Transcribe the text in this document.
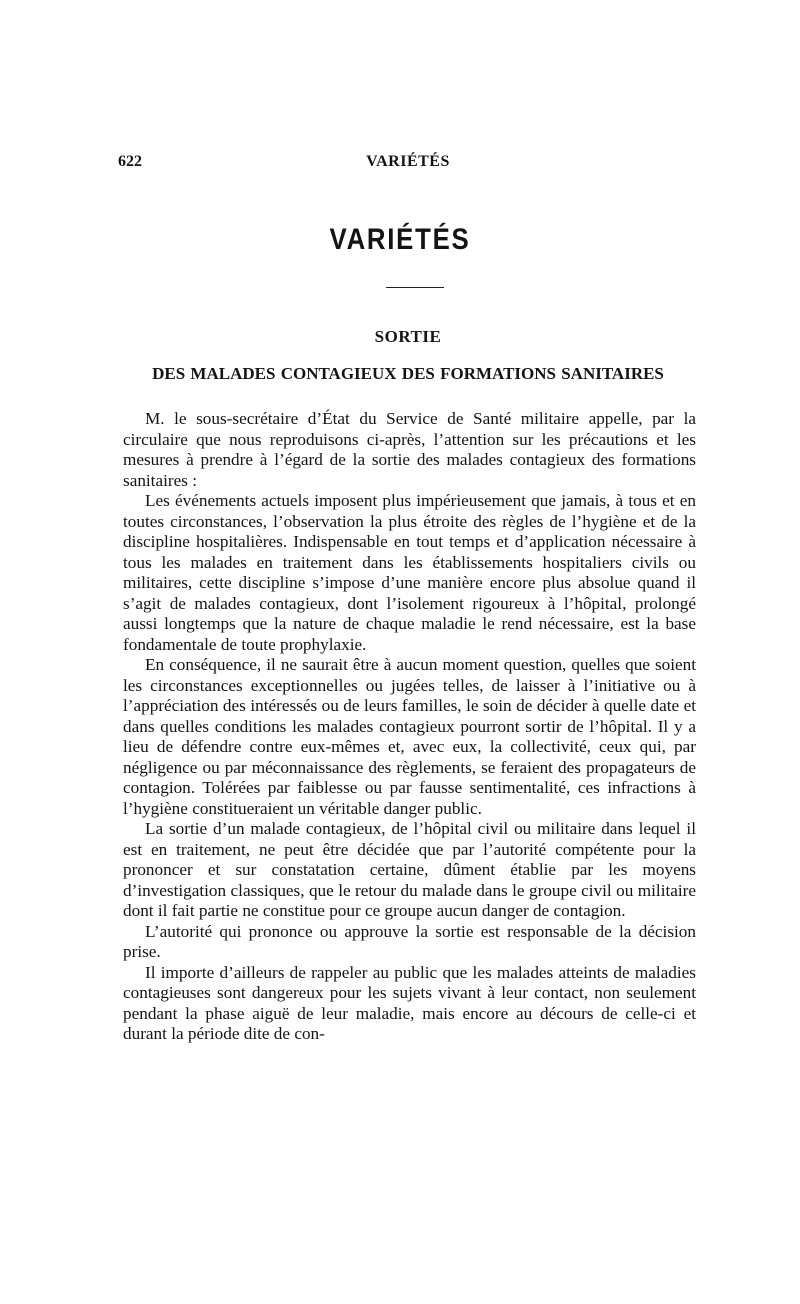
622	VARIÉTÉS
VARIÉTÉS
SORTIE
DES MALADES CONTAGIEUX DES FORMATIONS SANITAIRES

M. le sous-secrétaire d’État du Service de Santé militaire appelle, par la circulaire que nous reproduisons ci-après, l’attention sur les précautions et les mesures à prendre à l’égard de la sortie des malades contagieux des formations sanitaires :

Les événements actuels imposent plus impérieusement que jamais, à tous et en toutes circonstances, l’observation la plus étroite des règles de l’hygiène et de la discipline hospitalières. Indispensable en tout temps et d’application nécessaire à tous les malades en traitement dans les établissements hospitaliers civils ou militaires, cette discipline s’impose d’une manière encore plus absolue quand il s’agit de malades contagieux, dont l’isolement rigoureux à l’hôpital, prolongé aussi longtemps que la nature de chaque maladie le rend nécessaire, est la base fondamentale de toute prophylaxie.

En conséquence, il ne saurait être à aucun moment question, quelles que soient les circonstances exceptionnelles ou jugées telles, de laisser à l’initiative ou à l’appréciation des intéressés ou de leurs familles, le soin de décider à quelle date et dans quelles conditions les malades contagieux pourront sortir de l’hôpital. Il y a lieu de défendre contre eux-mêmes et, avec eux, la collectivité, ceux qui, par négligence ou par méconnaissance des règlements, se feraient des propagateurs de contagion. Tolérées par faiblesse ou par fausse sentimentalité, ces infractions à l’hygiène constitueraient un véritable danger public.

La sortie d’un malade contagieux, de l’hôpital civil ou militaire dans lequel il est en traitement, ne peut être décidée que par l’autorité compétente pour la prononcer et sur constatation certaine, dûment établie par les moyens d’investigation classiques, que le retour du malade dans le groupe civil ou militaire dont il fait partie ne constitue pour ce groupe aucun danger de contagion.

L’autorité qui prononce ou approuve la sortie est responsable de la décision prise.

Il importe d’ailleurs de rappeler au public que les malades atteints de maladies contagieuses sont dangereux pour les sujets vivant à leur contact, non seulement pendant la phase aiguë de leur maladie, mais encore au décours de celle-ci et durant la période dite de con-
